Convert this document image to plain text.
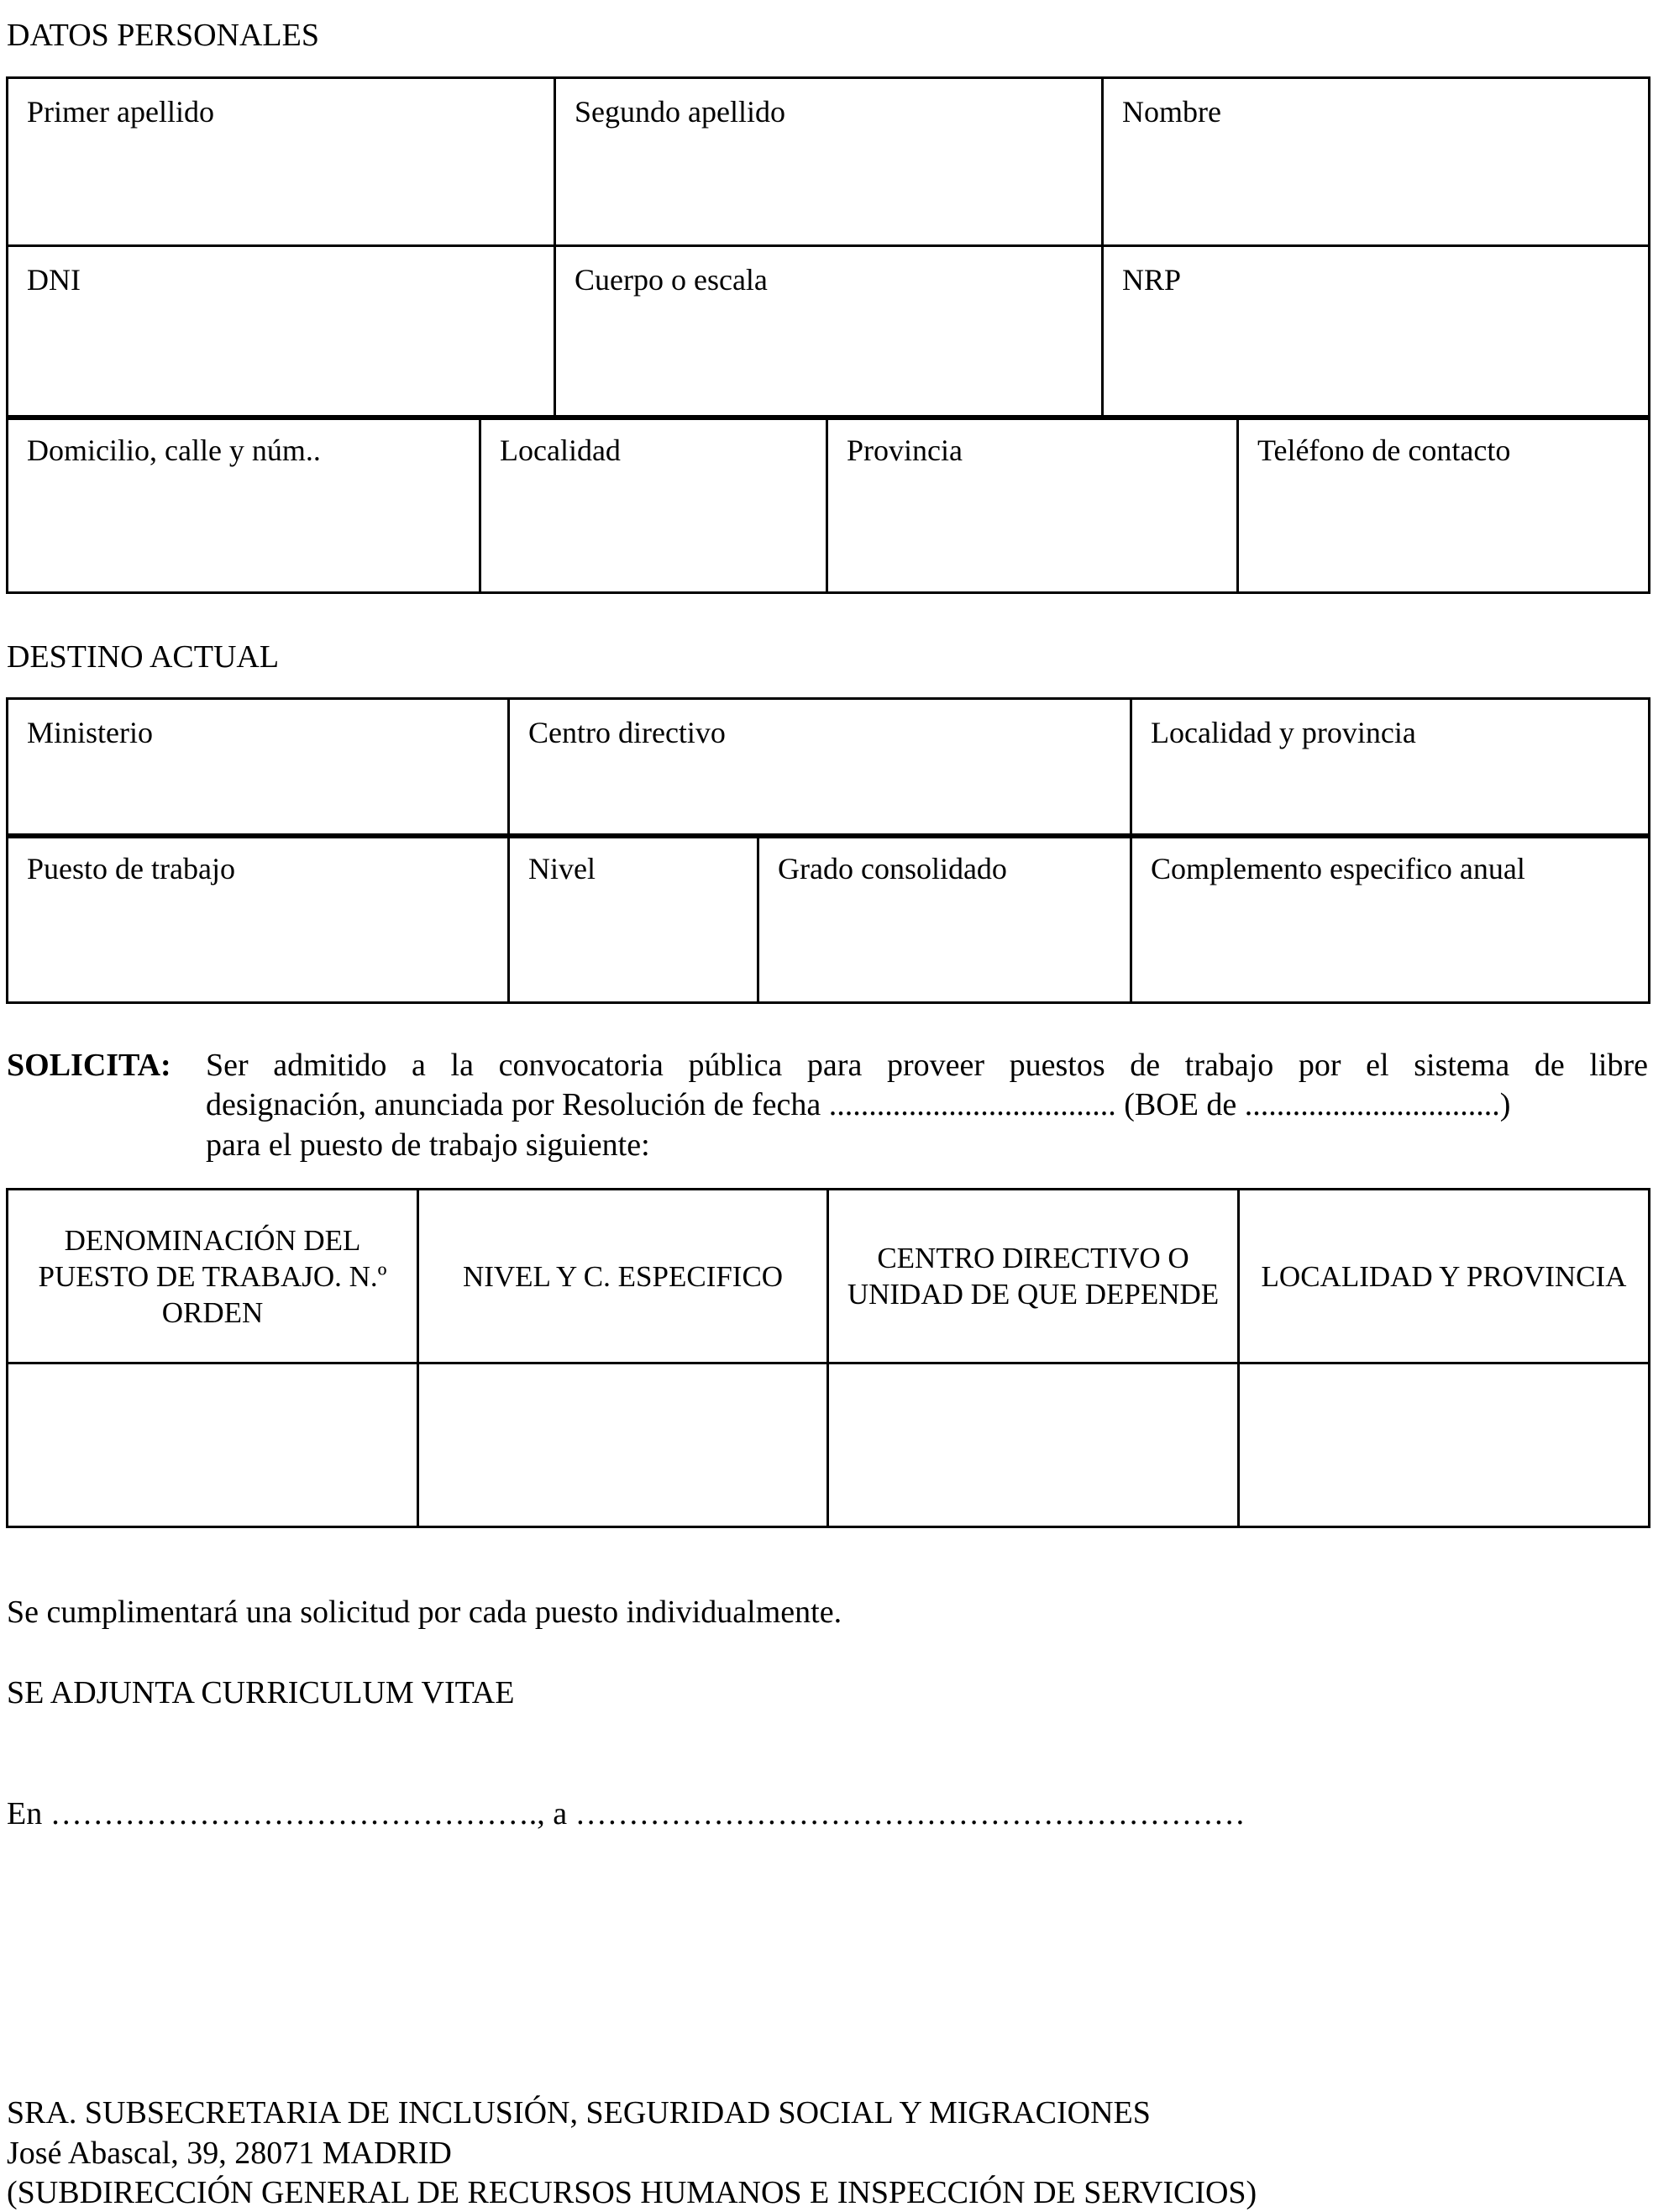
DATOS PERSONALES
Primer apellido	Segundo apellido	Nombre
DNI	Cuerpo o escala	NRP
Domicilio, calle y núm..	Localidad	Provincia	Teléfono de contacto
DESTINO ACTUAL
Ministerio	Centro directivo	Localidad y provincia
Puesto de trabajo	Nivel	Grado consolidado	Complemento especifico anual
SOLICITA: Ser admitido a la convocatoria pública para proveer puestos de trabajo por el sistema de libre
designación, anunciada por Resolución de fecha .................................... (BOE de ................................)
para el puesto de trabajo siguiente:
DENOMINACIÓN DEL PUESTO DE TRABAJO. N.º ORDEN	NIVEL Y C. ESPECIFICO	CENTRO DIRECTIVO O UNIDAD DE QUE DEPENDE	LOCALIDAD Y PROVINCIA

Se cumplimentará una solicitud por cada puesto individualmente.
SE ADJUNTA CURRICULUM VITAE
En ………………………………………., a ………………………………………………………
SRA. SUBSECRETARIA DE INCLUSIÓN, SEGURIDAD SOCIAL Y MIGRACIONES
José Abascal, 39, 28071 MADRID
(SUBDIRECCIÓN GENERAL DE RECURSOS HUMANOS E INSPECCIÓN DE SERVICIOS)
